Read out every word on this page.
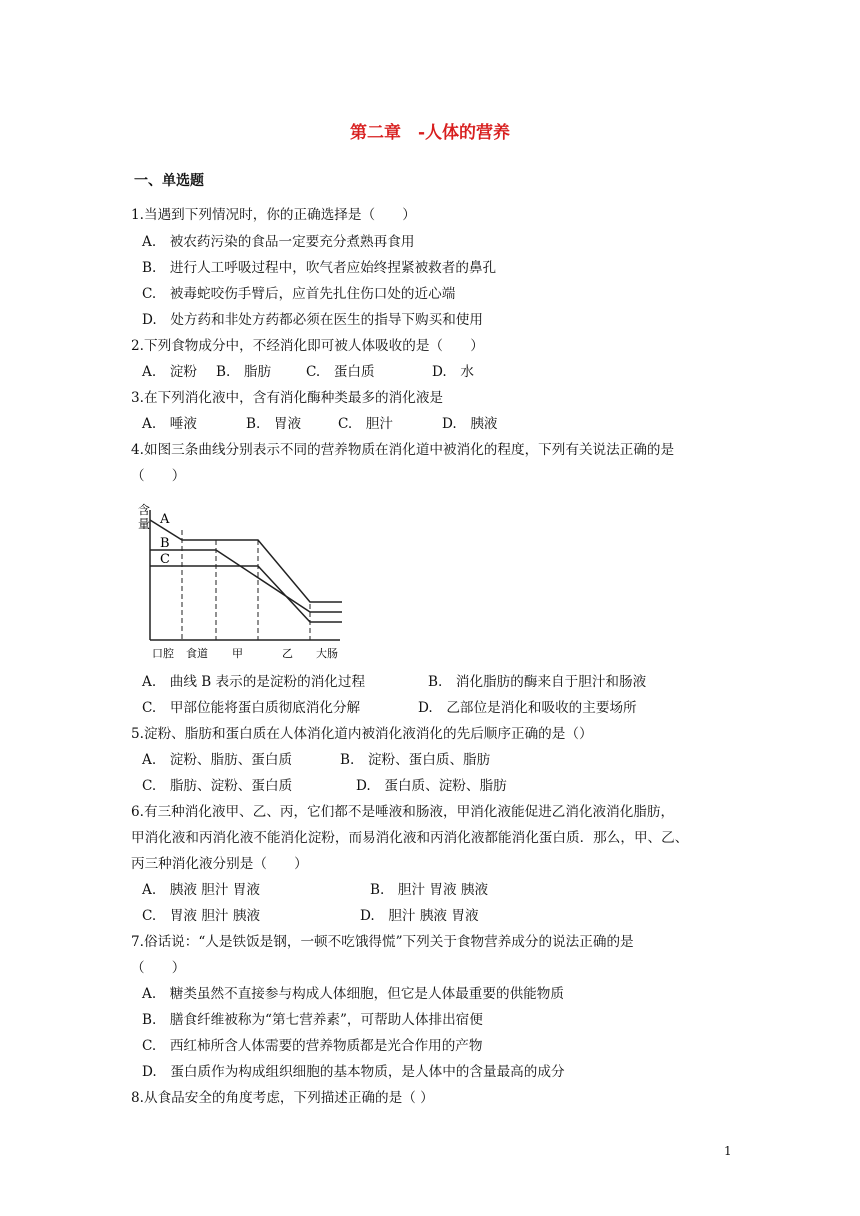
第二章　-人体的营养
一、单选题
1.当遇到下列情况时，你的正确选择是（　　）
A.　被农药污染的食品一定要充分煮熟再食用
B.　进行人工呼吸过程中，吹气者应始终捏紧被救者的鼻孔
C.　被毒蛇咬伤手臂后，应首先扎住伤口处的近心端
D.　处方药和非处方药都必须在医生的指导下购买和使用
2.下列食物成分中，不经消化即可被人体吸收的是（　　）
A.　淀粉 B.　脂肪	C.　蛋白质	D.　水
3.在下列消化液中，含有消化酶种类最多的消化液是
A.　唾液	B.　胃液	C.　胆汁	D.　胰液
4.如图三条曲线分别表示不同的营养物质在消化道中被消化的程度，下列有关说法正确的是
（　　）
含
量 A
B
C
口腔 食道 甲	乙 大肠
A.　曲线 B 表示的是淀粉的消化过程	B.　消化脂肪的酶来自于胆汁和肠液
C.　甲部位能将蛋白质彻底消化分解	D.　乙部位是消化和吸收的主要场所
5.淀粉、脂肪和蛋白质在人体消化道内被消化液消化的先后顺序正确的是（）
A.　淀粉、脂肪、蛋白质	B.　淀粉、蛋白质、脂肪
C.　脂肪、淀粉、蛋白质	D.　蛋白质、淀粉、脂肪
6.有三种消化液甲、乙、丙，它们都不是唾液和肠液，甲消化液能促进乙消化液消化脂肪，
甲消化液和丙消化液不能消化淀粉，而易消化液和丙消化液都能消化蛋白质．那么，甲、乙、
丙三种消化液分别是（　　）
A.　胰液 胆汁 胃液	B.　胆汁 胃液 胰液
C.　胃液 胆汁 胰液	D.　胆汁 胰液 胃液
7.俗话说：“人是铁饭是钢，一顿不吃饿得慌”下列关于食物营养成分的说法正确的是
（　　）
A.　糖类虽然不直接参与构成人体细胞，但它是人体最重要的供能物质
B.　膳食纤维被称为“第七营养素”，可帮助人体排出宿便
C.　西红柿所含人体需要的营养物质都是光合作用的产物
D.　蛋白质作为构成组织细胞的基本物质，是人体中的含量最高的成分
8.从食品安全的角度考虑，下列描述正确的是（ ）
1
